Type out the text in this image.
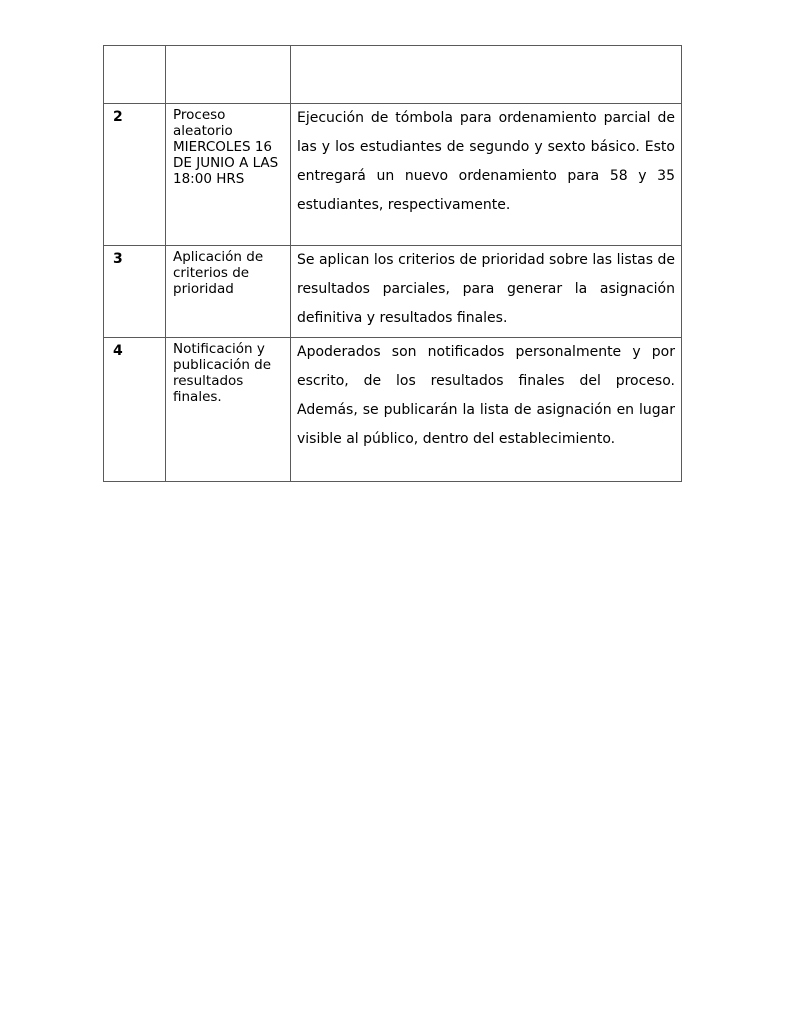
2	Proceso aleatorio MIERCOLES 16 DE JUNIO A LAS 18:00 HRS	Ejecución de tómbola para ordenamiento parcial de las y los estudiantes de segundo y sexto básico. Esto entregará un nuevo ordenamiento para 58 y 35 estudiantes, respectivamente.
3	Aplicación de criterios de prioridad	Se aplican los criterios de prioridad sobre las listas de resultados parciales, para generar la asignación definitiva y resultados finales.
4	Notificación y publicación de resultados finales.	Apoderados son notificados personalmente y por escrito, de los resultados finales del proceso. Además, se publicarán la lista de asignación en lugar visible al público, dentro del establecimiento.
